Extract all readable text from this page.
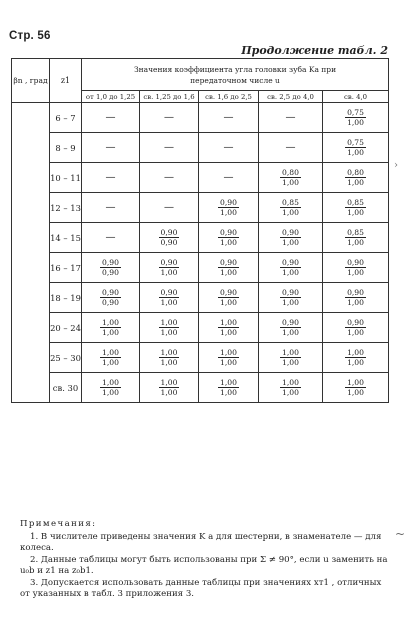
Стр. 56
Продолжение табл. 2
›
βn , град	z1	Значения коэффициента угла головки зуба Ka при
передаточном числе u				
		от 1,0 до 1,25	св. 1,25 до 1,6	св. 1,6 до 2,5	св. 2,5 до 4,0	св. 4,0
	6 – 7	—	—	—	—	$\frac{0,75}{1,00}$

	8 – 9	—	—	—	—	$\frac{0,75}{1,00}$

	10 – 11	—	—	—	$\frac{0,80}{1,00}$	$\frac{0,80}{1,00}$

	12 – 13	—	—	$\frac{0,90}{1,00}$	$\frac{0,85}{1,00}$	$\frac{0,85}{1,00}$

	14 – 15	—	$\frac{0,90}{0,90}$	$\frac{0,90}{1,00}$	$\frac{0,90}{1,00}$	$\frac{0,85}{1,00}$

	16 – 17	$\frac{0,90}{0,90}$	$\frac{0,90}{1,00}$	$\frac{0,90}{1,00}$	$\frac{0,90}{1,00}$	$\frac{0,90}{1,00}$

	18 – 19	$\frac{0,90}{0,90}$	$\frac{0,90}{1,00}$	$\frac{0,90}{1,00}$	$\frac{0,90}{1,00}$	$\frac{0,90}{1,00}$

	20 – 24	$\frac{1,00}{1,00}$	$\frac{1,00}{1,00}$	$\frac{1,00}{1,00}$	$\frac{0,90}{1,00}$	$\frac{0,90}{1,00}$

	25 – 30	$\frac{1,00}{1,00}$	$\frac{1,00}{1,00}$	$\frac{1,00}{1,00}$	$\frac{1,00}{1,00}$	$\frac{1,00}{1,00}$

	св. 30	$\frac{1,00}{1,00}$	$\frac{1,00}{1,00}$	$\frac{1,00}{1,00}$	$\frac{1,00}{1,00}$	$\frac{1,00}{1,00}$

Примечания:

1. В числителе приведены значения K a для шестерни, в знаменателе — для колеса.

2. Данные таблицы могут быть использованы при Σ ≠ 90°, если u заменить на u₀b и z1 на z₀b1.

3. Допускается использовать данные таблицы при значениях xт1 , отличных от указанных в табл. 3 приложения 3.

~
